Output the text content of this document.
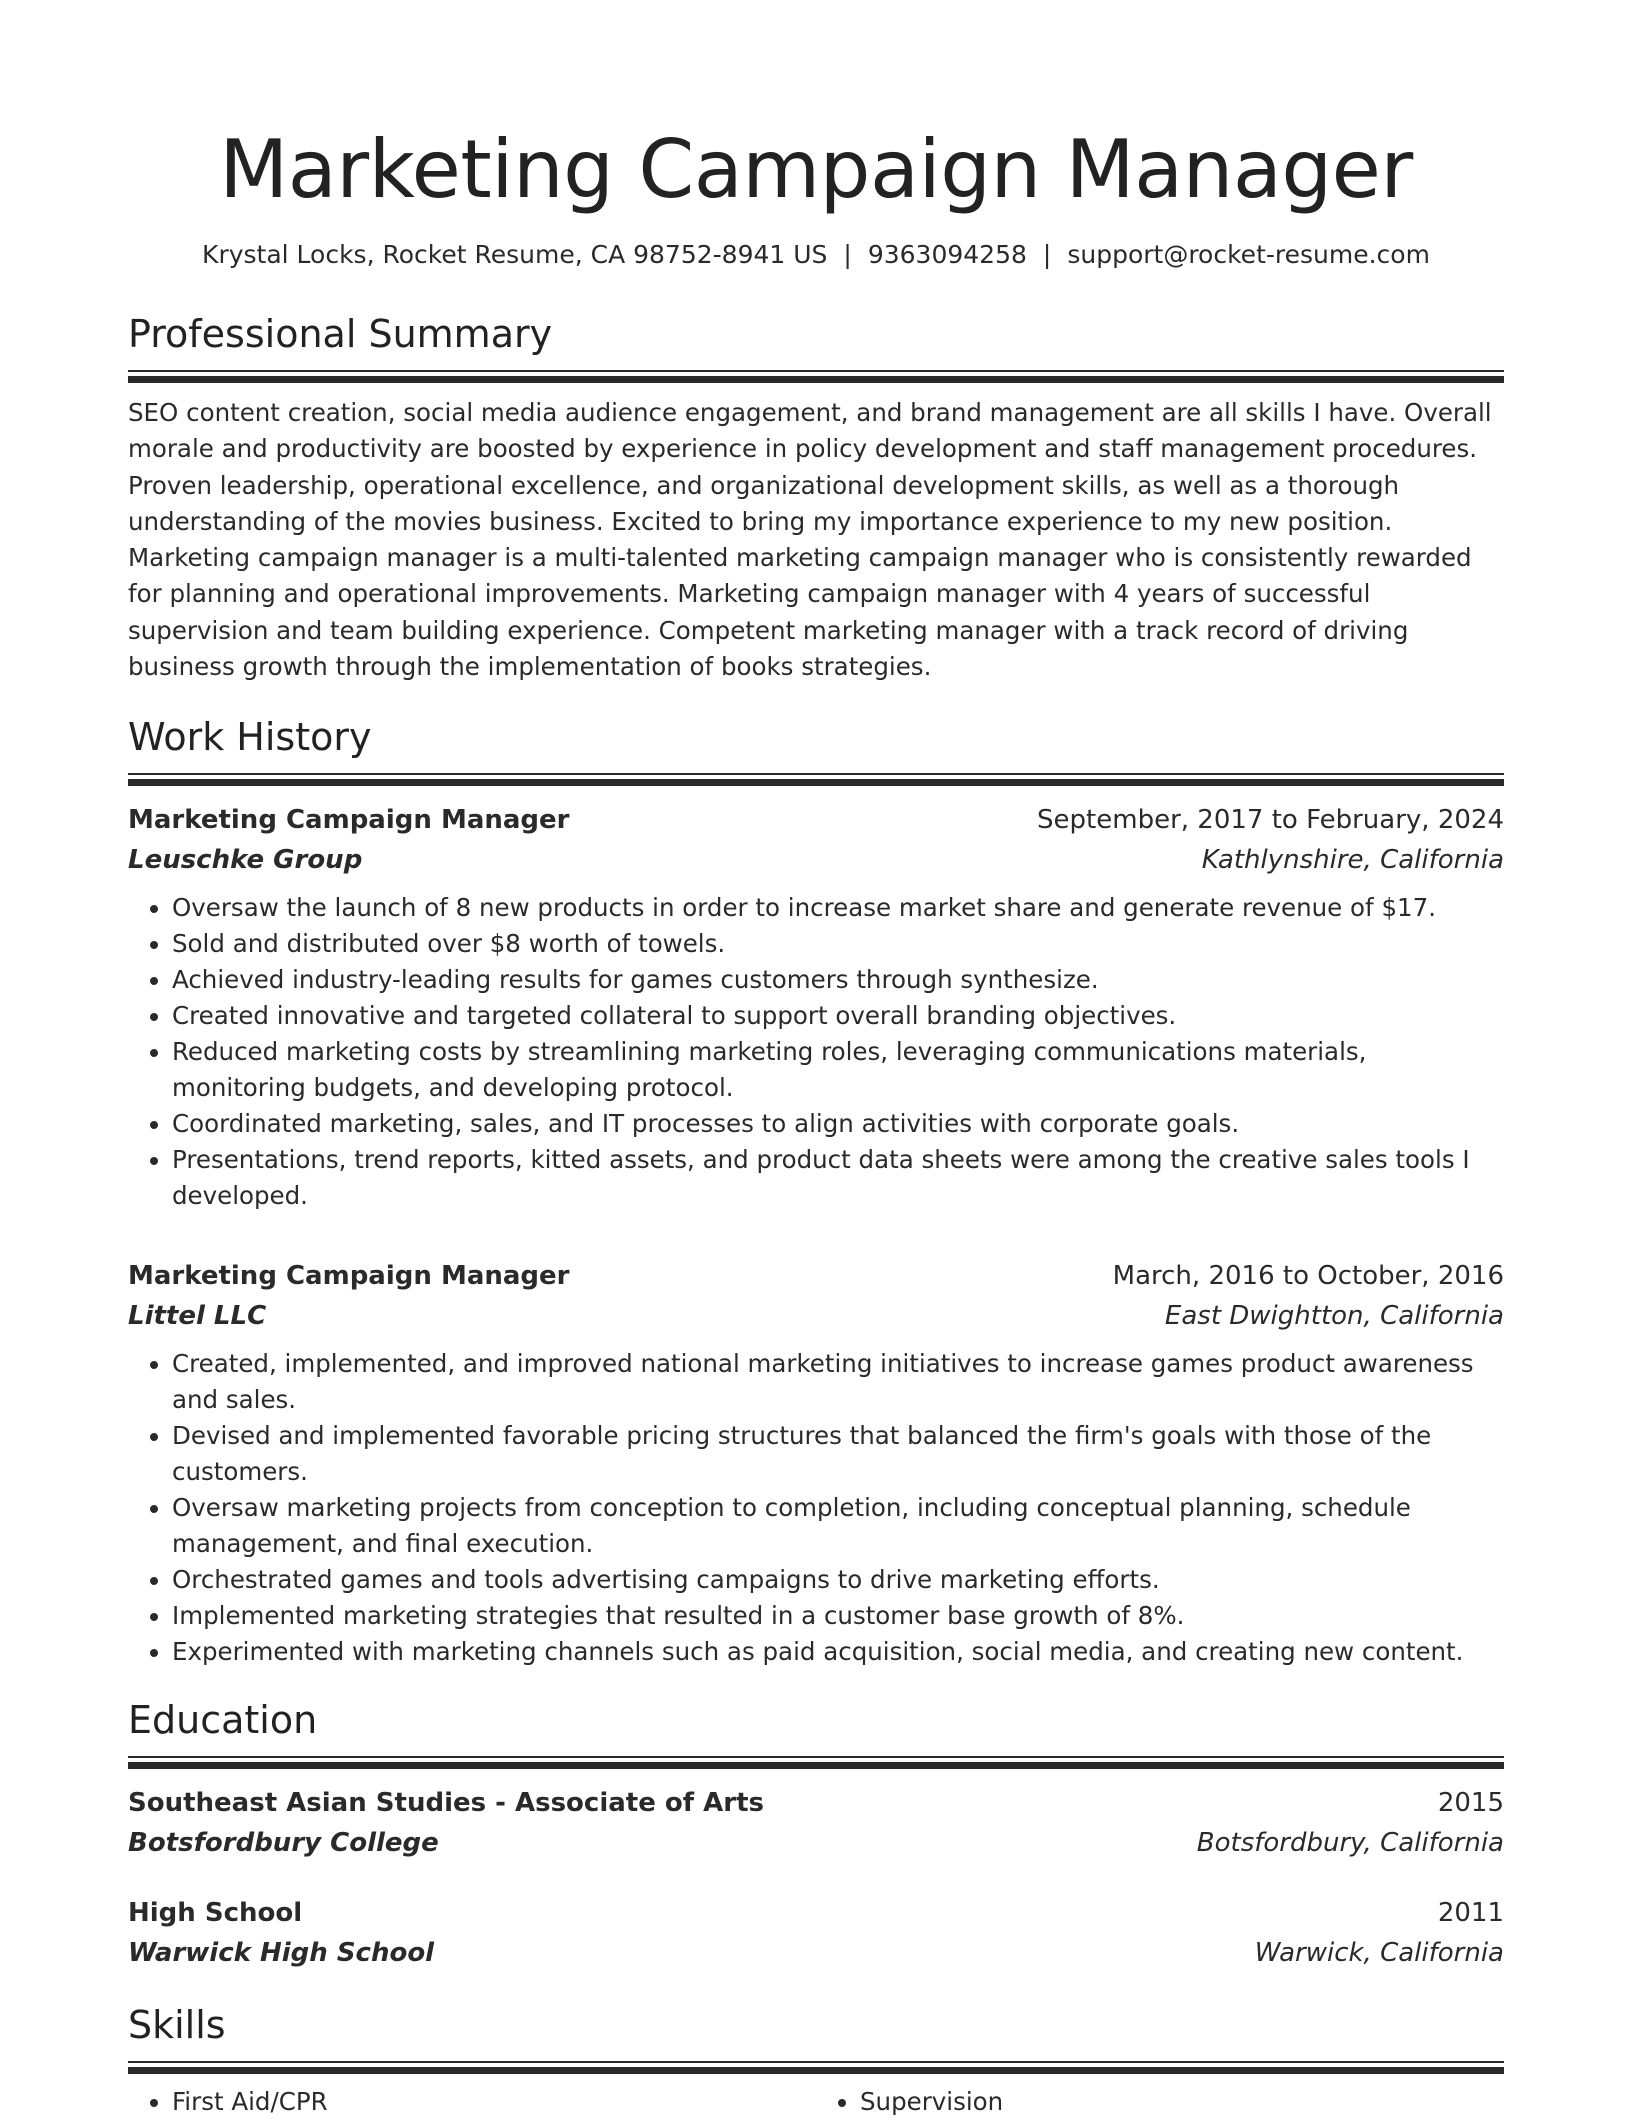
Marketing Campaign Manager
Krystal Locks, Rocket Resume, CA 98752-8941 US | 9363094258 | support@rocket-resume.com
Professional Summary

SEO content creation, social media audience engagement, and brand management are all skills I have. Overall morale and productivity are boosted by experience in policy development and staff management procedures. Proven leadership, operational excellence, and organizational development skills, as well as a thorough understanding of the movies business. Excited to bring my importance experience to my new position. Marketing campaign manager is a multi-talented marketing campaign manager who is consistently rewarded for planning and operational improvements. Marketing campaign manager with 4 years of successful supervision and team building experience. Competent marketing manager with a track record of driving business growth through the implementation of books strategies.

Work History
Marketing Campaign Manager	September, 2017 to February, 2024
Leuschke Group	Kathlynshire, California
• Oversaw the launch of 8 new products in order to increase market share and generate revenue of $17.
• Sold and distributed over $8 worth of towels.
• Achieved industry-leading results for games customers through synthesize.
• Created innovative and targeted collateral to support overall branding objectives.
• Reduced marketing costs by streamlining marketing roles, leveraging communications materials, monitoring budgets, and developing protocol.
• Coordinated marketing, sales, and IT processes to align activities with corporate goals.
• Presentations, trend reports, kitted assets, and product data sheets were among the creative sales tools I developed.
Marketing Campaign Manager	March, 2016 to October, 2016
Littel LLC	East Dwightton, California
• Created, implemented, and improved national marketing initiatives to increase games product awareness and sales.
• Devised and implemented favorable pricing structures that balanced the firm's goals with those of the customers.
• Oversaw marketing projects from conception to completion, including conceptual planning, schedule management, and final execution.
• Orchestrated games and tools advertising campaigns to drive marketing efforts.
• Implemented marketing strategies that resulted in a customer base growth of 8%.
• Experimented with marketing channels such as paid acquisition, social media, and creating new content.
Education
Southeast Asian Studies - Associate of Arts	2015
Botsfordbury College	Botsfordbury, California
High School	2011
Warwick High School	Warwick, California
Skills
• First Aid/CPR
•	Supervision
